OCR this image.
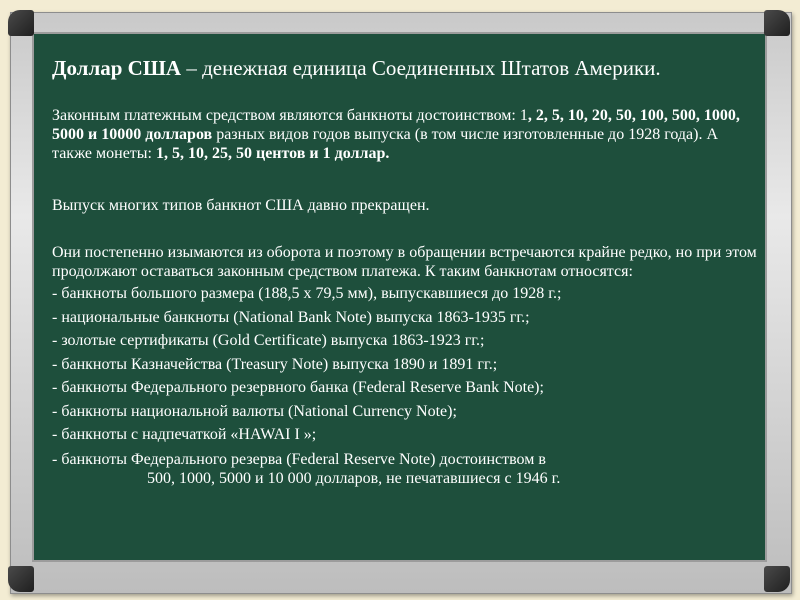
Доллар США – денежная единица Соединенных Штатов Америки.

Законным платежным средством являются банкноты достоинством: 1, 2, 5, 10, 20, 50, 100, 500, 1000, 5000 и 10000 долларов разных видов годов выпуска (в том числе изготовленные до 1928 года). А также монеты: 1, 5, 10, 25, 50 центов и 1 доллар.

Выпуск многих типов банкнот США давно прекращен.

Они постепенно изымаются из оборота и поэтому в обращении встречаются крайне редко, но при этом продолжают оставаться законным средством платежа. К таким банкнотам относятся:

- банкноты большого размера (188,5 х 79,5 мм), выпускавшиеся до 1928 г.;

- национальные банкноты (National Bank Note) выпуска 1863-1935 гг.;

- золотые сертификаты (Gold Certificate) выпуска 1863-1923 гг.;

- банкноты Казначейства (Treasury Note) выпуска 1890 и 1891 гг.;

- банкноты Федерального резервного банка (Federal Reserve Bank Note);

- банкноты национальной валюты (National Currency Note);

- банкноты с надпечаткой «HAWAI I »;

- банкноты Федерального резерва (Federal Reserve Note) достоинством в
500, 1000, 5000 и 10 000 долларов, не печатавшиеся с 1946 г.
